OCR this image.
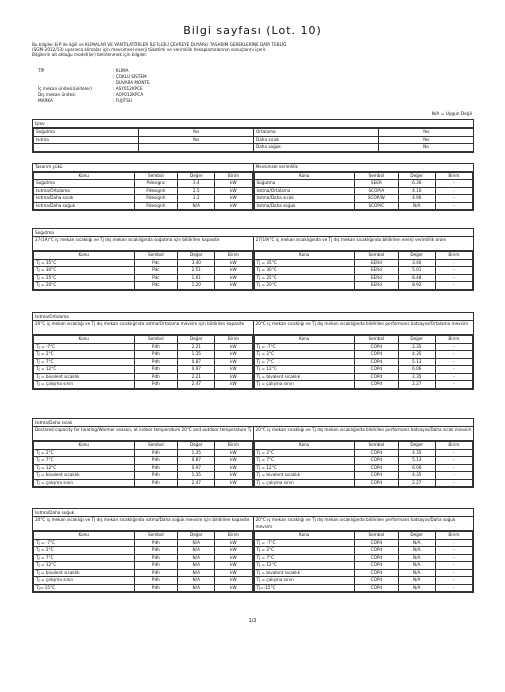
Bilgi sayfası (Lot. 10)
Bu bilgiler ErP ile ilgili ve KLİMALAR VE VANTİLATÖRLER İLE İLGİLİ ÇEVREYE DUYARLI TASARIM GEREKLERİNE DAİR TEBLİĞ
(SGM-2012/13) uyarınca klimalar için mevsimsel enerji tüketimi ve verimlilik hesaplamalarının sonuçlarını içerir.
Bilgilerin ait olduğu model(ler) belirlenmek için bilgiler.
TİP	: KLİMA
: ÇOKLU SİSTEM
: DUVARA MONTE
İç mekan ünitesi(üniteler)	: ASY012KPCE
Dış mekan ünitesi	: AOY012KPCA
MARKA	: FUJITSU
N/A = Uygun Değil
İşlev
Soğutma	Yes	Ortalama	Yes
Isıtma	Yes	Daha sıcak	Yes
		Daha soğuk	No
Tasarım yükü
Konu	Sembol	Değer	Birim
Soğutma	Pdesignc	3.4	kW
Isıtma/Ortalama	Pdesignh	2.5	kW
Isıtma/Daha sıcak	Pdesignh	1.2	kW
Isıtma/Daha soğuk	Pdesignh	N/A	kW
Mevsimsel verimlilik
Konu	Sembol	Değer	Birim
Soğutma	SEER	6.30	-
Isıtma/Ortalama	SCOP/A	4.10	-
Isıtma/Daha sıcak	SCOP/W	4.90	-
Isıtma/Daha soğuk	SCOP/C	N/A	-
Soğutma
27(19)°C iç mekan sıcaklığı ve Tj dış mekan sıcaklığında soğutma için bildirilen kapasite
Konu	Sembol	Değer	Birim
Tj = 35°C	Pdc	3.40	kW
Tj = 30°C	Pdc	2.51	kW
Tj = 25°C	Pdc	1.61	kW
Tj = 20°C	Pdc	1.20	kW
27(19)°C iç mekan sıcaklığında ve Tj dış mekan sıcaklığında bildirilen enerji verimlilik oranı
Konu	Sembol	Değer	Birim
Tj = 35°C	EERd	3.40	-
Tj = 30°C	EERd	5.01	-
Tj = 25°C	EERd	8.48	-
Tj = 20°C	EERd	8.92	-
Isıtma/Ortalama
20°C iç mekan sıcaklığı ve Tj dış mekan sıcaklığında ısıtma/Ortalama mevsim için bildirilen kapasite
Konu	Sembol	Değer	Birim
Tj = -7°C	Pdh	2.21	kW
Tj = 2°C	Pdh	1.35	kW
Tj = 7°C	Pdh	0.87	kW
Tj = 12°C	Pdh	0.97	kW
Tj = bivalent sıcaklık	Pdh	2.21	kW
Tj = çalışma sınırı	Pdh	2.47	kW
20°C iç mekan sıcaklığı ve Tj dış mekan sıcaklığında bildirilen performans katsayısı/Ortalama mevsim
Konu	Sembol	Değer	Birim
Tj = -7°C	COPd	2.35	-
Tj = 2°C	COPd	4.35	-
Tj = 7°C	COPd	5.13	-
Tj = 12°C	COPd	6.06	-
Tj = bivalent sıcaklık	COPd	2.35	-
Tj = çalışma sınırı	COPd	2.27	-
Isıtma/Daha sıcak
Declared capacity for heating/Warmer season, at indoor temperature 20°C and outdoor temperature Tj
Konu	Sembol	Değer	Birim
Tj = 2°C	Pdh	1.35	kW
Tj = 7°C	Pdh	0.87	kW
Tj = 12°C	Pdh	0.97	kW
Tj = bivalent sıcaklık	Pdh	1.35	kW
Tj = çalışma sınırı	Pdh	2.47	kW
20°C iç mekan sıcaklığı ve Tj dış mekan sıcaklığında bildirilen performans katsayısı/Daha sıcak mevsim
Konu	Sembol	Değer	Birim
Tj = 2°C	COPd	4.35	-
Tj = 7°C	COPd	5.13	-
Tj = 12°C	COPd	6.06	-
Tj = bivalent sıcaklık	COPd	4.35	-
Tj = çalışma sınırı	COPd	2.27	-
Isıtma/Daha soğuk
20°C iç mekan sıcaklığı ve Tj dış mekan sıcaklığında ısıtma/Daha soğuk mevsim için bildirilen kapasite
Konu	Sembol	Değer	Birim
Tj = -7°C	Pdh	N/A	kW
Tj = 2°C	Pdh	N/A	kW
Tj = 7°C	Pdh	N/A	kW
Tj = 12°C	Pdh	N/A	kW
Tj = bivalent sıcaklık	Pdh	N/A	kW
Tj = çalışma sınırı	Pdh	N/A	kW
Tj=-15°C	Pdh	N/A	kW
20°C iç mekan sıcaklığı ve Tj dış mekan sıcaklığında bildirilen performans katsayısı/Daha soğuk mevsim
Konu	Sembol	Değer	Birim
Tj = -7°C	COPd	N/A	-
Tj = 2°C	COPd	N/A	-
Tj = 7°C	COPd	N/A	-
Tj = 12°C	COPd	N/A	-
Tj = bivalent sıcaklık	COPd	N/A	-
Tj = çalışma sınırı	COPd	N/A	-
Tj=-15°C	COPd	N/A	-
1/2
